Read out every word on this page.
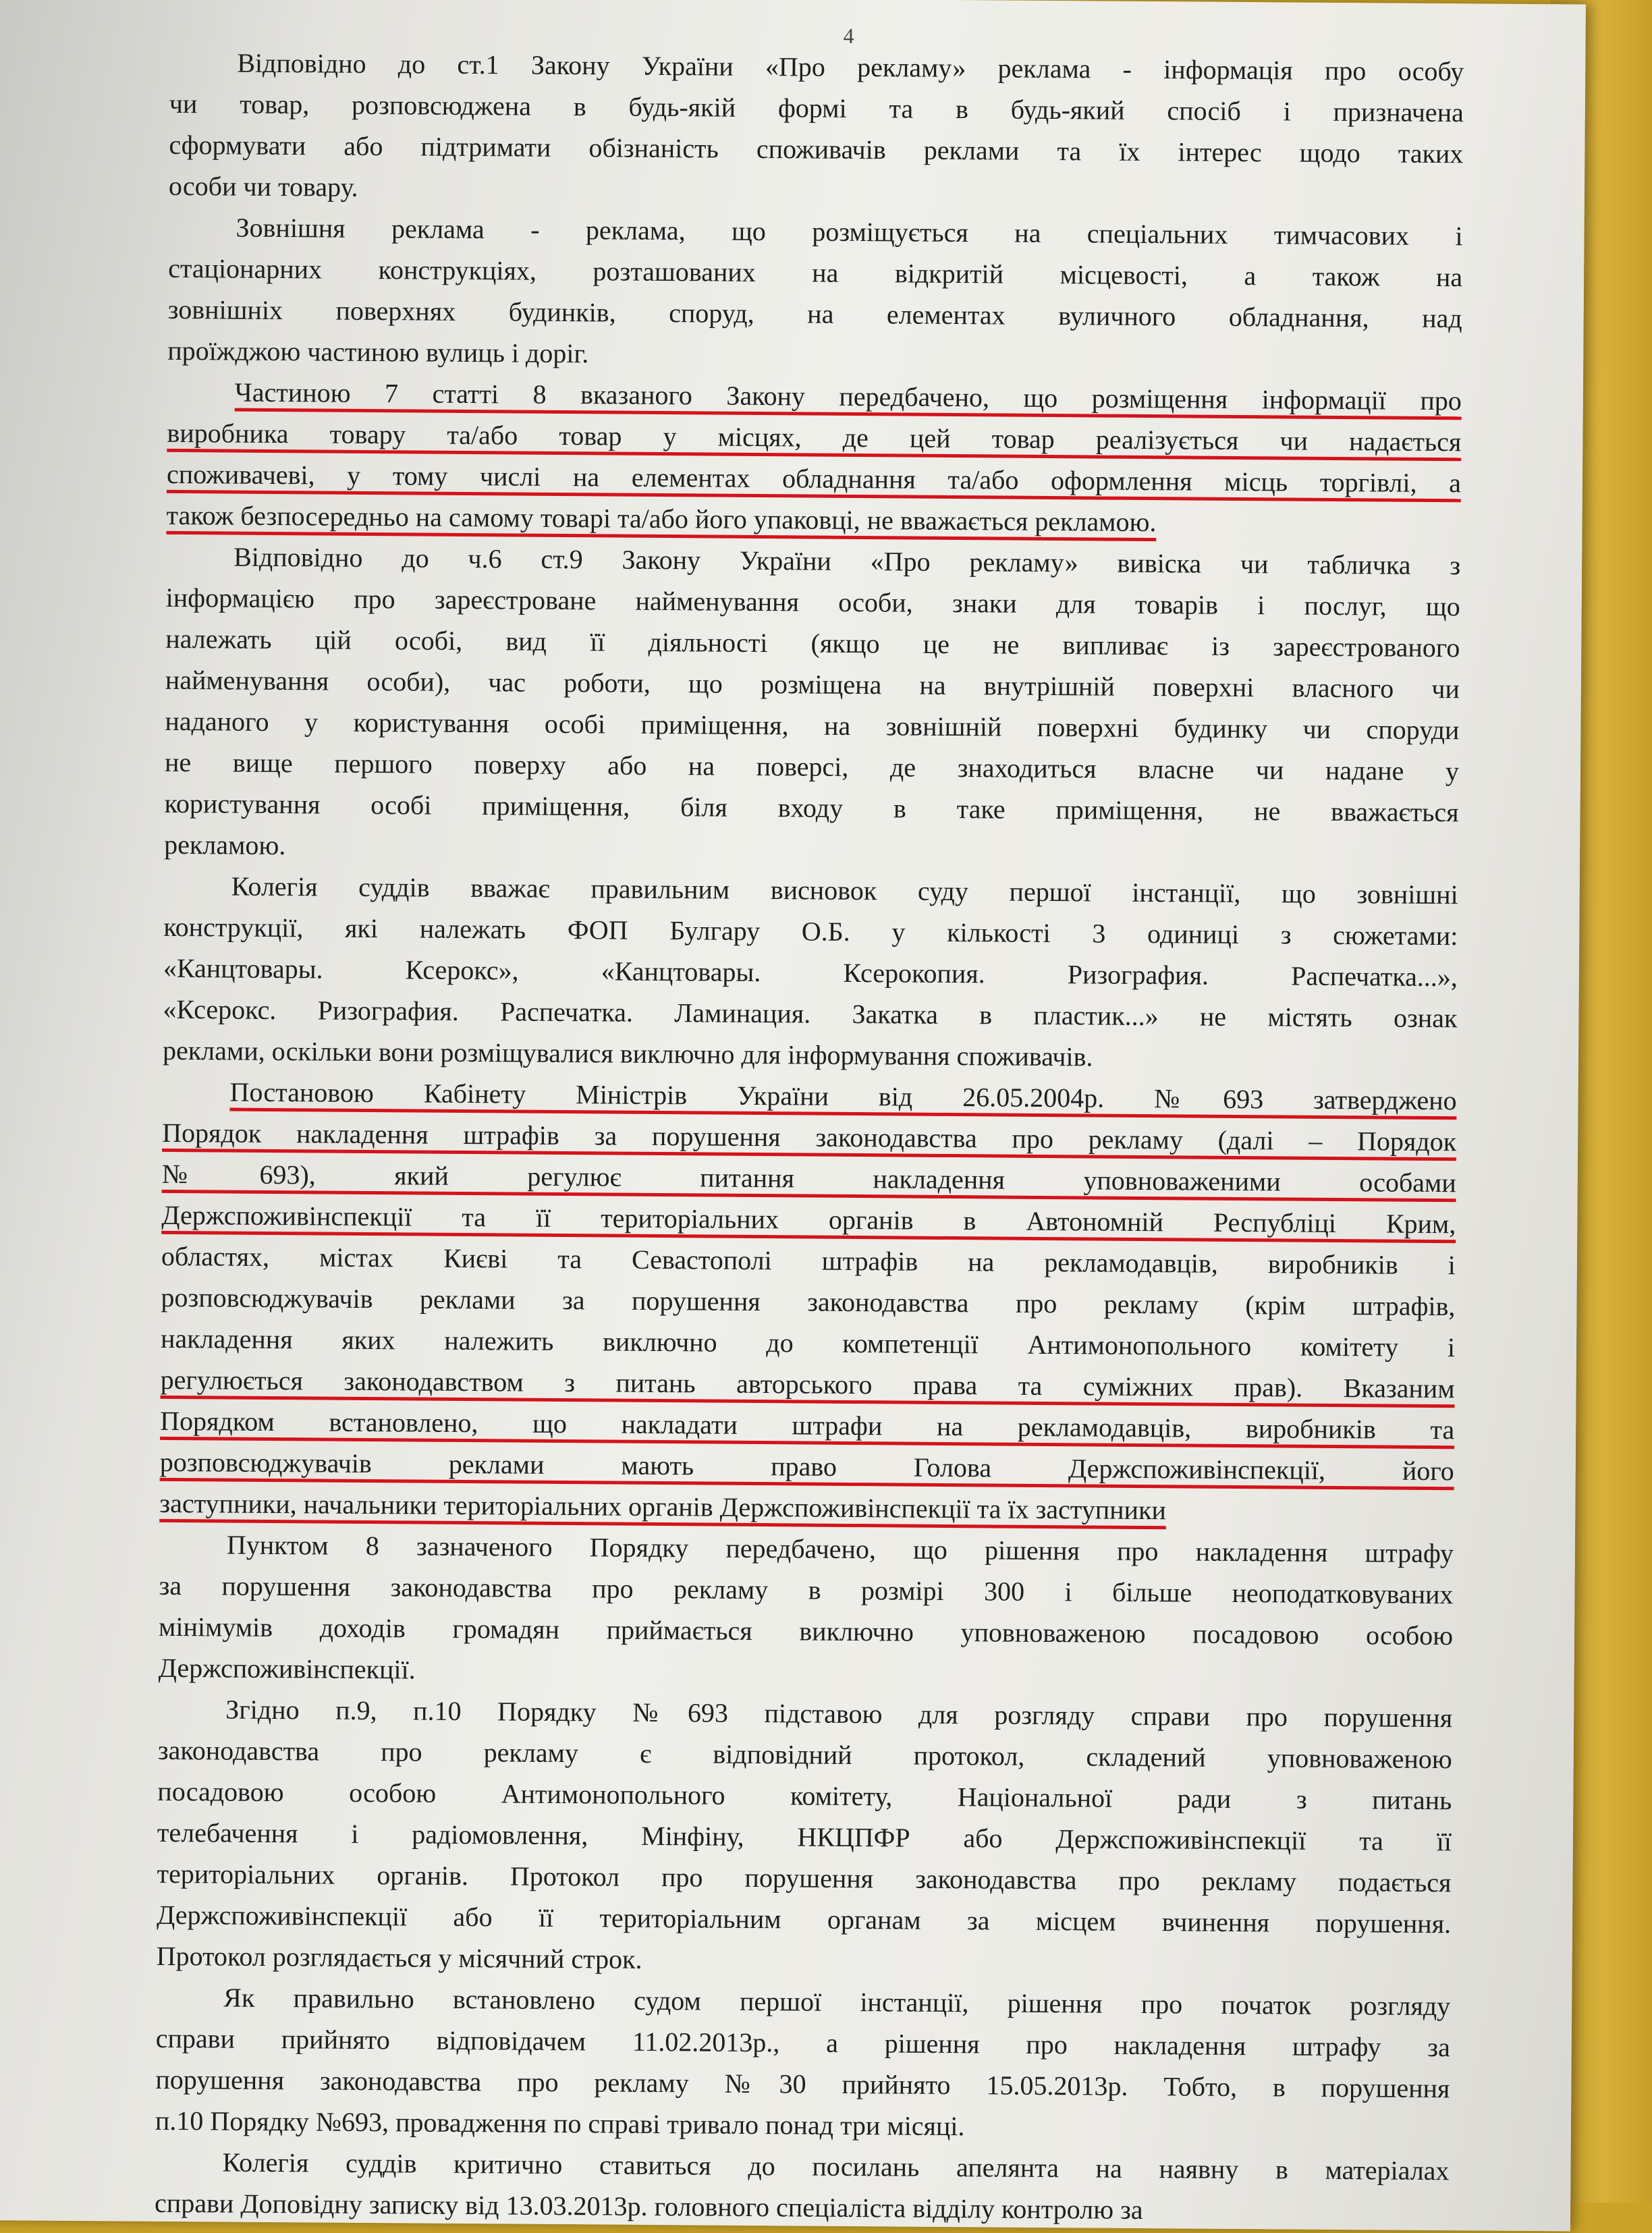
4
Відповідно до ст.1 Закону України «Про рекламу» реклама - інформація про особу
чи товар, розповсюджена в будь-якій формі та в будь-який спосіб і призначена
сформувати або підтримати обізнаність споживачів реклами та їх інтерес щодо таких
особи чи товару.
Зовнішня реклама - реклама, що розміщується на спеціальних тимчасових і
стаціонарних конструкціях, розташованих на відкритій місцевості, а також на
зовнішніх поверхнях будинків, споруд, на елементах вуличного обладнання, над
проїжджою частиною вулиць і доріг.
Частиною 7 статті 8 вказаного Закону передбачено, що розміщення інформації про
виробника товару та/або товар у місцях, де цей товар реалізується чи надається
споживачеві, у тому числі на елементах обладнання та/або оформлення місць торгівлі, а
також безпосередньо на самому товарі та/або його упаковці, не вважається рекламою.
Відповідно до ч.6 ст.9 Закону України «Про рекламу» вивіска чи табличка з
інформацією про зареєстроване найменування особи, знаки для товарів і послуг, що
належать цій особі, вид її діяльності (якщо це не випливає із зареєстрованого
найменування особи), час роботи, що розміщена на внутрішній поверхні власного чи
наданого у користування особі приміщення, на зовнішній поверхні будинку чи споруди
не вище першого поверху або на поверсі, де знаходиться власне чи надане у
користування особі приміщення, біля входу в таке приміщення, не вважається
рекламою.
Колегія суддів вважає правильним висновок суду першої інстанції, що зовнішні
конструкції, які належать ФОП Булгару О.Б. у кількості 3 одиниці з сюжетами:
«Канцтовары. Ксерокс», «Канцтовары. Ксерокопия. Ризография. Распечатка...»,
«Ксерокс. Ризография. Распечатка. Ламинация. Закатка в пластик...» не містять ознак
реклами, оскільки вони розміщувалися виключно для інформування споживачів.
Постановою Кабінету Міністрів України від 26.05.2004р. №693 затверджено
Порядок накладення штрафів за порушення законодавства про рекламу (далі – Порядок
№693), який регулює питання накладення уповноваженими особами
Держспоживінспекції та її територіальних органів в Автономній Республіці Крим,
областях, містах Києві та Севастополі штрафів на рекламодавців, виробників і
розповсюджувачів реклами за порушення законодавства про рекламу (крім штрафів,
накладення яких належить виключно до компетенції Антимонопольного комітету і
регулюється законодавством з питань авторського права та суміжних прав). Вказаним
Порядком встановлено, що накладати штрафи на рекламодавців, виробників та
розповсюджувачів реклами мають право Голова Держспоживінспекції, його
заступники, начальники територіальних органів Держспоживінспекції та їх заступники
Пунктом 8 зазначеного Порядку передбачено, що рішення про накладення штрафу
за порушення законодавства про рекламу в розмірі 300 і більше неоподатковуваних
мінімумів доходів громадян приймається виключно уповноваженою посадовою особою
Держспоживінспекції.
Згідно п.9, п.10 Порядку №693 підставою для розгляду справи про порушення
законодавства про рекламу є відповідний протокол, складений уповноваженою
посадовою особою Антимонопольного комітету, Національної ради з питань
телебачення і радіомовлення, Мінфіну, НКЦПФР або Держспоживінспекції та її
територіальних органів. Протокол про порушення законодавства про рекламу подається
Держспоживінспекції або її територіальним органам за місцем вчинення порушення.
Протокол розглядається у місячний строк.
Як правильно встановлено судом першої інстанції, рішення про початок розгляду
справи прийнято відповідачем 11.02.2013р., а рішення про накладення штрафу за
порушення законодавства про рекламу №30 прийнято 15.05.2013р. Тобто, в порушення
п.10 Порядку №693, провадження по справі тривало понад три місяці.
Колегія суддів критично ставиться до посилань апелянта на наявну в матеріалах
справи Доповідну записку від 13.03.2013р. головного спеціаліста відділу контролю за
